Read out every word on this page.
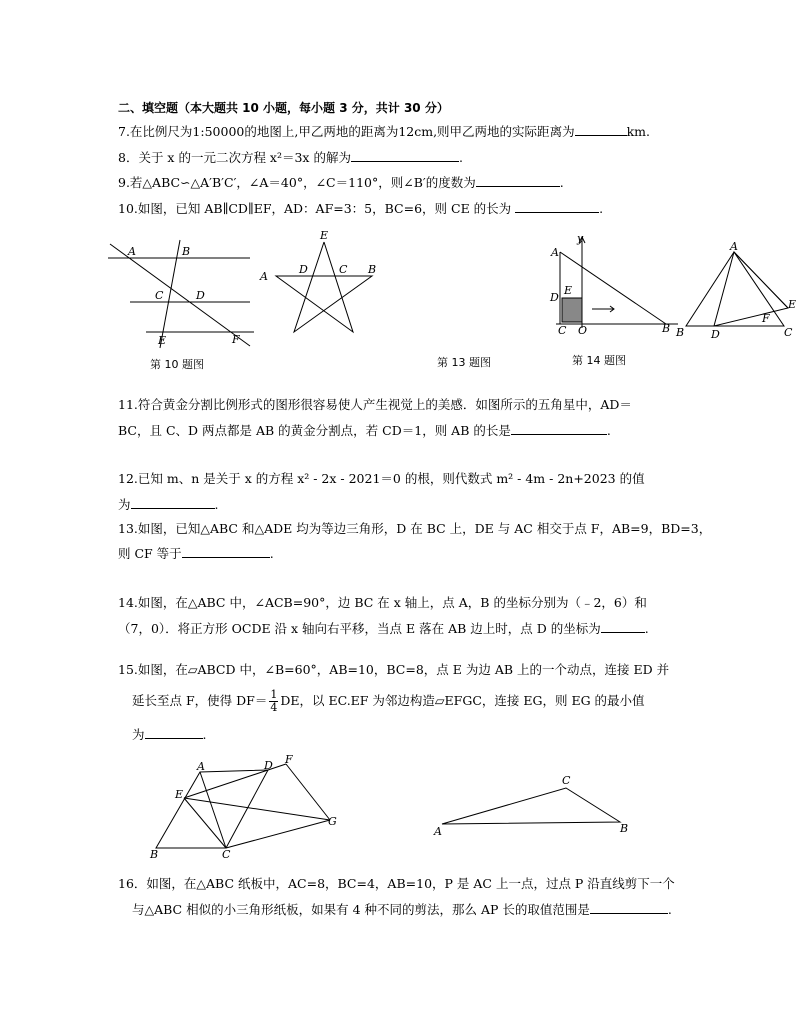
二、填空题（本大题共 10 小题，每小题 3 分，共计 30 分）
7.在比例尺为1:50000的地图上,甲乙两地的距离为12cm,则甲乙两地的实际距离为	km.
8．关于 x 的一元二次方程 x²＝3x 的解为	.
9.若△ABC∽△A′B′C′，∠A＝40°，∠C＝110°，则∠B′的度数为	.
10.如图，已知 AB∥CD∥EF，AD：AF=3：5，BC=6，则 CE 的长为	.
A	B
C	D
E	F
第 10 题图
E
A
D	C B
第 13 题图
y
A
D
E
C O	B
第 14 题图
A
B D	C
E
F
11.符合黄金分割比例形式的图形很容易使人产生视觉上的美感．如图所示的五角星中，AD＝
BC，且 C、D 两点都是 AB 的黄金分割点，若 CD＝1，则 AB 的长是	.
12.已知 m、n 是关于 x 的方程 x² - 2x - 2021＝0 的根，则代数式 m² - 4m - 2n+2023 的值
为	.
13.如图，已知△ABC 和△ADE 均为等边三角形，D 在 BC 上，DE 与 AC 相交于点 F，AB=9，BD=3，
则 CF 等于	.
14.如图，在△ABC 中，∠ACB=90°，边 BC 在 x 轴上，点 A，B 的坐标分别为（﹣2，6）和
（7，0）．将正方形 OCDE 沿 x 轴向右平移，当点 E 落在 AB 边上时，点 D 的坐标为	.
15.如图，在▱ABCD 中，∠B=60°，AB=10，BC=8，点 E 为边 AB 上的一个动点，连接 ED 并
延长至点 F，使得 $DF= \frac{1}{4}$ DE，以 EC.EF 为邻边构造▱EFGC，连接 EG，则 EG 的最小值
为	.
A	D F
E
G
B	C
C
A	B
16．如图，在△ABC 纸板中，AC=8，BC=4，AB=10，P 是 AC 上一点，过点 P 沿直线剪下一个
与△ABC 相似的小三角形纸板，如果有 4 种不同的剪法，那么 AP 长的取值范围是	.
